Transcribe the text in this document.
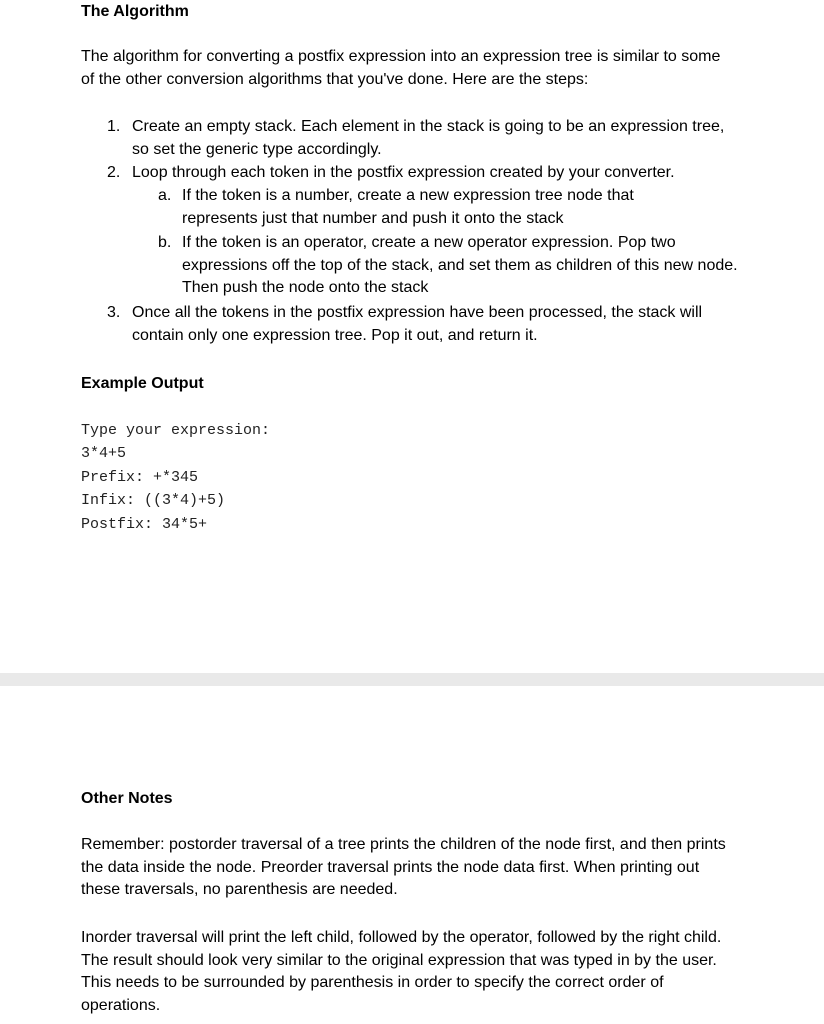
The Algorithm

The algorithm for converting a postfix expression into an expression tree is similar to some of the other conversion algorithms that you've done. Here are the steps:

1. Create an empty stack. Each element in the stack is going to be an expression tree, so set the generic type accordingly.
2. Loop through each token in the postfix expression created by your converter.
a. If the token is a number, create a new expression tree node that represents just that number and push it onto the stack
b. If the token is an operator, create a new operator expression. Pop two expressions off the top of the stack, and set them as children of this new node. Then push the node onto the stack
3. Once all the tokens in the postfix expression have been processed, the stack will contain only one expression tree. Pop it out, and return it.
Example Output
Type your expression:
3*4+5
Prefix: +*345
Infix: ((3*4)+5)
Postfix: 34*5+
Other Notes

Remember: postorder traversal of a tree prints the children of the node first, and then prints the data inside the node. Preorder traversal prints the node data first. When printing out these traversals, no parenthesis are needed.

Inorder traversal will print the left child, followed by the operator, followed by the right child. The result should look very similar to the original expression that was typed in by the user. This needs to be surrounded by parenthesis in order to specify the correct order of operations.
